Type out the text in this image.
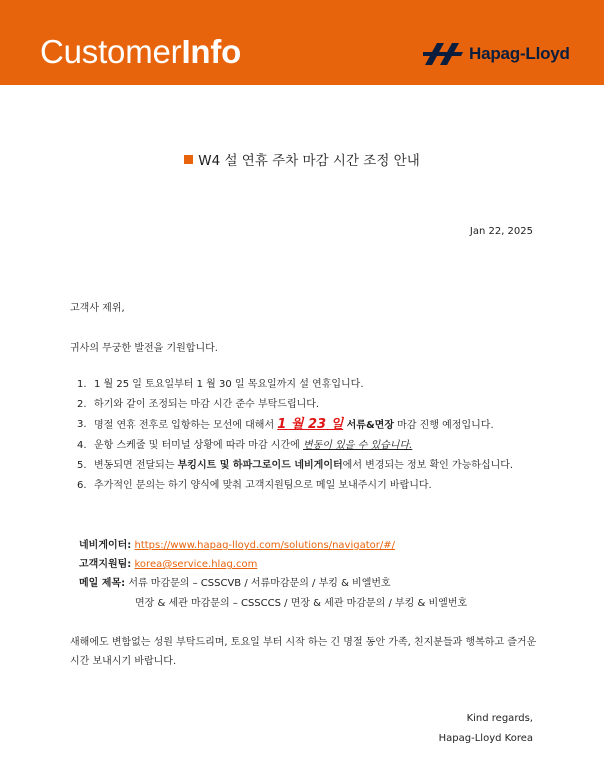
CustomerInfo	Hapag-Lloyd
W4 설 연휴 주차 마감 시간 조정 안내
Jan 22, 2025
고객사 제위,
귀사의 무궁한 발전을 기원합니다.
1. 1 월 25 일 토요일부터 1 월 30 일 목요일까지 설 연휴입니다.
2. 하기와 같이 조정되는 마감 시간 준수 부탁드립니다.
3. 명절 연휴 전후로 입항하는 모선에 대해서 1 월 23 일 서류&면장 마감 진행 예정입니다.
4. 운항 스케줄 및 터미널 상황에 따라 마감 시간에 변동이 있을 수 있습니다.
5. 변동되면 전달되는 부킹시트 및 하파그로이드 네비게이터에서 변경되는 정보 확인 가능하십니다.
6. 추가적인 문의는 하기 양식에 맞춰 고객지원팀으로 메일 보내주시기 바랍니다.
네비게이터: https://www.hapag-lloyd.com/solutions/navigator/#/
고객지원팀: korea@service.hlag.com
메일 제목: 서류 마감문의 – CSSCVB / 서류마감문의 / 부킹 & 비엘번호
면장 & 세관 마감문의 – CSSCCS / 면장 & 세관 마감문의 / 부킹 & 비엘번호
새해에도 변함없는 성원 부탁드리며, 토요일 부터 시작 하는 긴 명절 동안 가족, 친지분들과 행복하고 즐거운 시간 보내시기 바랍니다.
Kind regards,
Hapag-Lloyd Korea
